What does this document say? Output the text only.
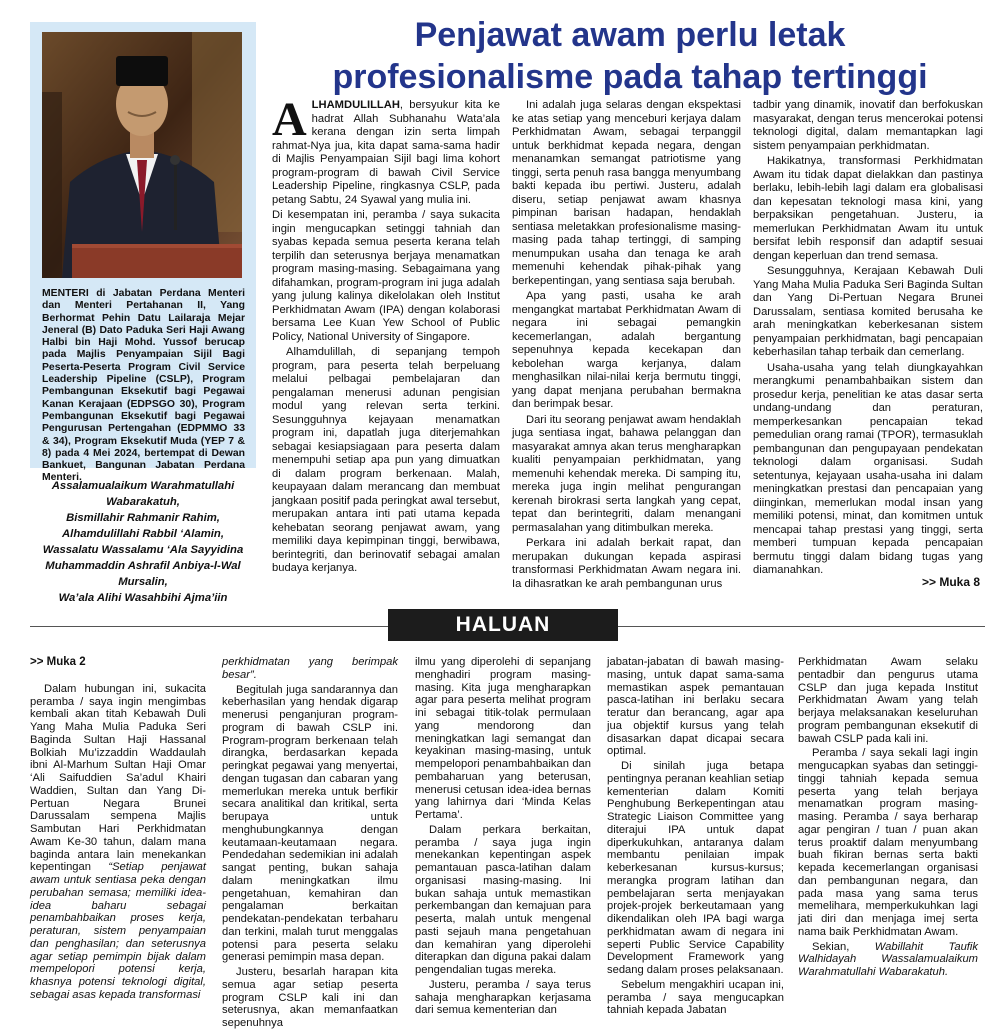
Penjawat awam perlu letak
profesionalisme pada tahap tertinggi

MENTERI di Jabatan Perdana Menteri dan Menteri Pertahanan II, Yang Berhormat Pehin Datu Lailaraja Mejar Jeneral (B) Dato Paduka Seri Haji Awang Halbi bin Haji Mohd. Yussof berucap pada Majlis Penyampaian Sijil Bagi Peserta-Peserta Program Civil Service Leadership Pipeline (CSLP), Program Pembangunan Eksekutif bagi Pegawai Kanan Kerajaan (EDPSGO 30), Program Pembangunan Eksekutif bagi Pegawai Pengurusan Pertengahan (EDPMMO 33 & 34), Program Eksekutif Muda (YEP 7 & 8) pada 4 Mei 2024, bertempat di Dewan Bankuet, Bangunan Jabatan Perdana Menteri.

Assalamualaikum Warahmatullahi Wabarakatuh,
Bismillahir Rahmanir Rahim,
Alhamdulillahi Rabbil ‘Alamin,
Wassalatu Wassalamu ‘Ala Sayyidina Muhammaddin Ashrafil Anbiya-l-Wal Mursalin,
Wa’ala Alihi Wasahbihi Ajma’iin

ALHAMDULILLAH, bersyukur kita ke hadrat Allah Subhanahu Wata’ala kerana dengan izin serta limpah rahmat-Nya jua, kita dapat sama-sama hadir di Majlis Penyampaian Sijil bagi lima kohort program-program di bawah Civil Service Leadership Pipeline, ringkasnya CSLP, pada petang Sabtu, 24 Syawal yang mulia ini.

Di kesempatan ini, peramba / saya sukacita ingin mengucapkan setinggi tahniah dan syabas kepada semua peserta kerana telah terpilih dan seterusnya berjaya menamatkan program masing-masing. Sebagaimana yang difahamkan, program-program ini juga adalah yang julung kalinya dikelolakan oleh Institut Perkhidmatan Awam (IPA) dengan kolaborasi bersama Lee Kuan Yew School of Public Policy, National University of Singapore.

Alhamdulillah, di sepanjang tempoh program, para peserta telah berpeluang melalui pelbagai pembelajaran dan pengalaman menerusi adunan pengisian modul yang relevan serta terkini. Sesungguhnya kejayaan menamatkan program ini, dapatlah juga diterjemahkan sebagai kesiapsiagaan para peserta dalam menempuhi setiap apa pun yang dimuatkan di dalam program berkenaan. Malah, keupayaan dalam merancang dan membuat jangkaan positif pada peringkat awal tersebut, merupakan antara inti pati utama kepada kehebatan seorang penjawat awam, yang memiliki daya kepimpinan tinggi, berwibawa, berintegriti, dan berinovatif sebagai amalan budaya kerjanya.

Ini adalah juga selaras dengan ekspektasi ke atas setiap yang menceburi kerjaya dalam Perkhidmatan Awam, sebagai terpanggil untuk berkhidmat kepada negara, dengan menanamkan semangat patriotisme yang tinggi, serta penuh rasa bangga menyumbang bakti kepada ibu pertiwi. Justeru, adalah diseru, setiap penjawat awam khasnya pimpinan barisan hadapan, hendaklah sentiasa meletakkan profesionalisme masing-masing pada tahap tertinggi, di samping menumpukan usaha dan tenaga ke arah memenuhi kehendak pihak-pihak yang berkepentingan, yang sentiasa saja berubah.

Apa yang pasti, usaha ke arah mengangkat martabat Perkhidmatan Awam di negara ini sebagai pemangkin kecemerlangan, adalah bergantung sepenuhnya kepada kecekapan dan kebolehan warga kerjanya, dalam menghasilkan nilai-nilai kerja bermutu tinggi, yang dapat menjana perubahan bermakna dan berimpak besar.

Dari itu seorang penjawat awam hendaklah juga sentiasa ingat, bahawa pelanggan dan masyarakat amnya akan terus mengharapkan kualiti penyampaian perkhidmatan, yang memenuhi kehendak mereka. Di samping itu, mereka juga ingin melihat pengurangan kerenah birokrasi serta langkah yang cepat, tepat dan berintegriti, dalam menangani permasalahan yang ditimbulkan mereka.

Perkara ini adalah berkait rapat, dan merupakan dukungan kepada aspirasi transformasi Perkhidmatan Awam negara ini. Ia dihasratkan ke arah pembangunan urus

tadbir yang dinamik, inovatif dan berfokuskan masyarakat, dengan terus mencerokai potensi teknologi digital, dalam memantapkan lagi sistem penyampaian perkhidmatan.

Hakikatnya, transformasi Perkhidmatan Awam itu tidak dapat dielakkan dan pastinya berlaku, lebih-lebih lagi dalam era globalisasi dan kepesatan teknologi masa kini, yang berpaksikan pengetahuan. Justeru, ia memerlukan Perkhidmatan Awam itu untuk bersifat lebih responsif dan adaptif sesuai dengan keperluan dan trend semasa.

Sesungguhnya, Kerajaan Kebawah Duli Yang Maha Mulia Paduka Seri Baginda Sultan dan Yang Di-Pertuan Negara Brunei Darussalam, sentiasa komited berusaha ke arah meningkatkan keberkesanan sistem penyampaian perkhidmatan, bagi pencapaian keberhasilan tahap terbaik dan cemerlang.

Usaha-usaha yang telah diungkayahkan merangkumi penambahbaikan sistem dan prosedur kerja, penelitian ke atas dasar serta undang-undang dan peraturan, memperkesankan pencapaian tekad pemedulian orang ramai (TPOR), termasuklah pembangunan dan pengupayaan pendekatan teknologi dalam organisasi. Sudah setentunya, kejayaan usaha-usaha ini dalam meningkatkan prestasi dan pencapaian yang diinginkan, memerlukan modal insan yang memiliki potensi, minat, dan komitmen untuk mencapai tahap prestasi yang tinggi, serta memberi tumpuan kepada pencapaian bermutu tinggi dalam bidang tugas yang diamanahkan.

>> Muka 8
HALUAN

>> Muka 2

Dalam hubungan ini, sukacita peramba / saya ingin mengimbas kembali akan titah Kebawah Duli Yang Maha Mulia Paduka Seri Baginda Sultan Haji Hassanal Bolkiah Mu’izzaddin Waddaulah ibni Al-Marhum Sultan Haji Omar ‘Ali Saifuddien Sa’adul Khairi Waddien, Sultan dan Yang Di-Pertuan Negara Brunei Darussalam sempena Majlis Sambutan Hari Perkhidmatan Awam Ke-30 tahun, dalam mana baginda antara lain menekankan kepentingan “Setiap penjawat awam untuk sentiasa peka dengan perubahan semasa; memiliki idea-idea baharu sebagai penambahbaikan proses kerja, peraturan, sistem penyampaian dan penghasilan; dan seterusnya agar setiap pemimpin bijak dalam mempelopori potensi kerja, khasnya potensi teknologi digital, sebagai asas kepada transformasi

perkhidmatan yang berimpak besar”.

Begitulah juga sandarannya dan keberhasilan yang hendak digarap menerusi penganjuran program-program di bawah CSLP ini. Program-program berkenaan telah dirangka, berdasarkan kepada peringkat pegawai yang menyertai, dengan tugasan dan cabaran yang memerlukan mereka untuk berfikir secara analitikal dan kritikal, serta berupaya untuk menghubungkannya dengan keutamaan-keutamaan negara. Pendedahan sedemikian ini adalah sangat penting, bukan sahaja dalam meningkatkan ilmu pengetahuan, kemahiran dan pengalaman berkaitan pendekatan-pendekatan terbaharu dan terkini, malah turut menggalas potensi para peserta selaku generasi pemimpin masa depan.

Justeru, besarlah harapan kita semua agar setiap peserta program CSLP kali ini dan seterusnya, akan memanfaatkan sepenuhnya

ilmu yang diperolehi di sepanjang menghadiri program masing-masing. Kita juga mengharapkan agar para peserta melihat program ini sebagai titik-tolak permulaan yang mendorong dan meningkatkan lagi semangat dan keyakinan masing-masing, untuk mempelopori penambahbaikan dan pembaharuan yang beterusan, menerusi cetusan idea-idea bernas yang lahirnya dari ‘Minda Kelas Pertama’.

Dalam perkara berkaitan, peramba / saya juga ingin menekankan kepentingan aspek pemantauan pasca-latihan dalam organisasi masing-masing. Ini bukan sahaja untuk memastikan perkembangan dan kemajuan para peserta, malah untuk mengenal pasti sejauh mana pengetahuan dan kemahiran yang diperolehi diterapkan dan diguna pakai dalam pengendalian tugas mereka.

Justeru, peramba / saya terus sahaja mengharapkan kerjasama dari semua kementerian dan

jabatan-jabatan di bawah masing-masing, untuk dapat sama-sama memastikan aspek pemantauan pasca-latihan ini berlaku secara teratur dan berancang, agar apa jua objektif kursus yang telah disasarkan dapat dicapai secara optimal.

Di sinilah juga betapa pentingnya peranan keahlian setiap kementerian dalam Komiti Penghubung Berkepentingan atau Strategic Liaison Committee yang diterajui IPA untuk dapat diperkukuhkan, antaranya dalam membantu penilaian impak keberkesanan kursus-kursus; merangka program latihan dan pembelajaran serta menjayakan projek-projek berkeutamaan yang dikendalikan oleh IPA bagi warga perkhidmatan awam di negara ini seperti Public Service Capability Development Framework yang sedang dalam proses pelaksanaan.

Sebelum mengakhiri ucapan ini, peramba / saya mengucapkan tahniah kepada Jabatan

Perkhidmatan Awam selaku pentadbir dan pengurus utama CSLP dan juga kepada Institut Perkhidmatan Awam yang telah berjaya melaksanakan keseluruhan program pembangunan eksekutif di bawah CSLP pada kali ini.

Peramba / saya sekali lagi ingin mengucapkan syabas dan setinggi-tinggi tahniah kepada semua peserta yang telah berjaya menamatkan program masing-masing. Peramba / saya berharap agar pengiran / tuan / puan akan terus proaktif dalam menyumbang buah fikiran bernas serta bakti kepada kecemerlangan organisasi dan pembangunan negara, dan pada masa yang sama terus memelihara, memperkukuhkan lagi jati diri dan menjaga imej serta nama baik Perkhidmatan Awam.

Sekian, Wabillahit Taufik Walhidayah Wassalamualaikum Warahmatullahi Wabarakatuh.
